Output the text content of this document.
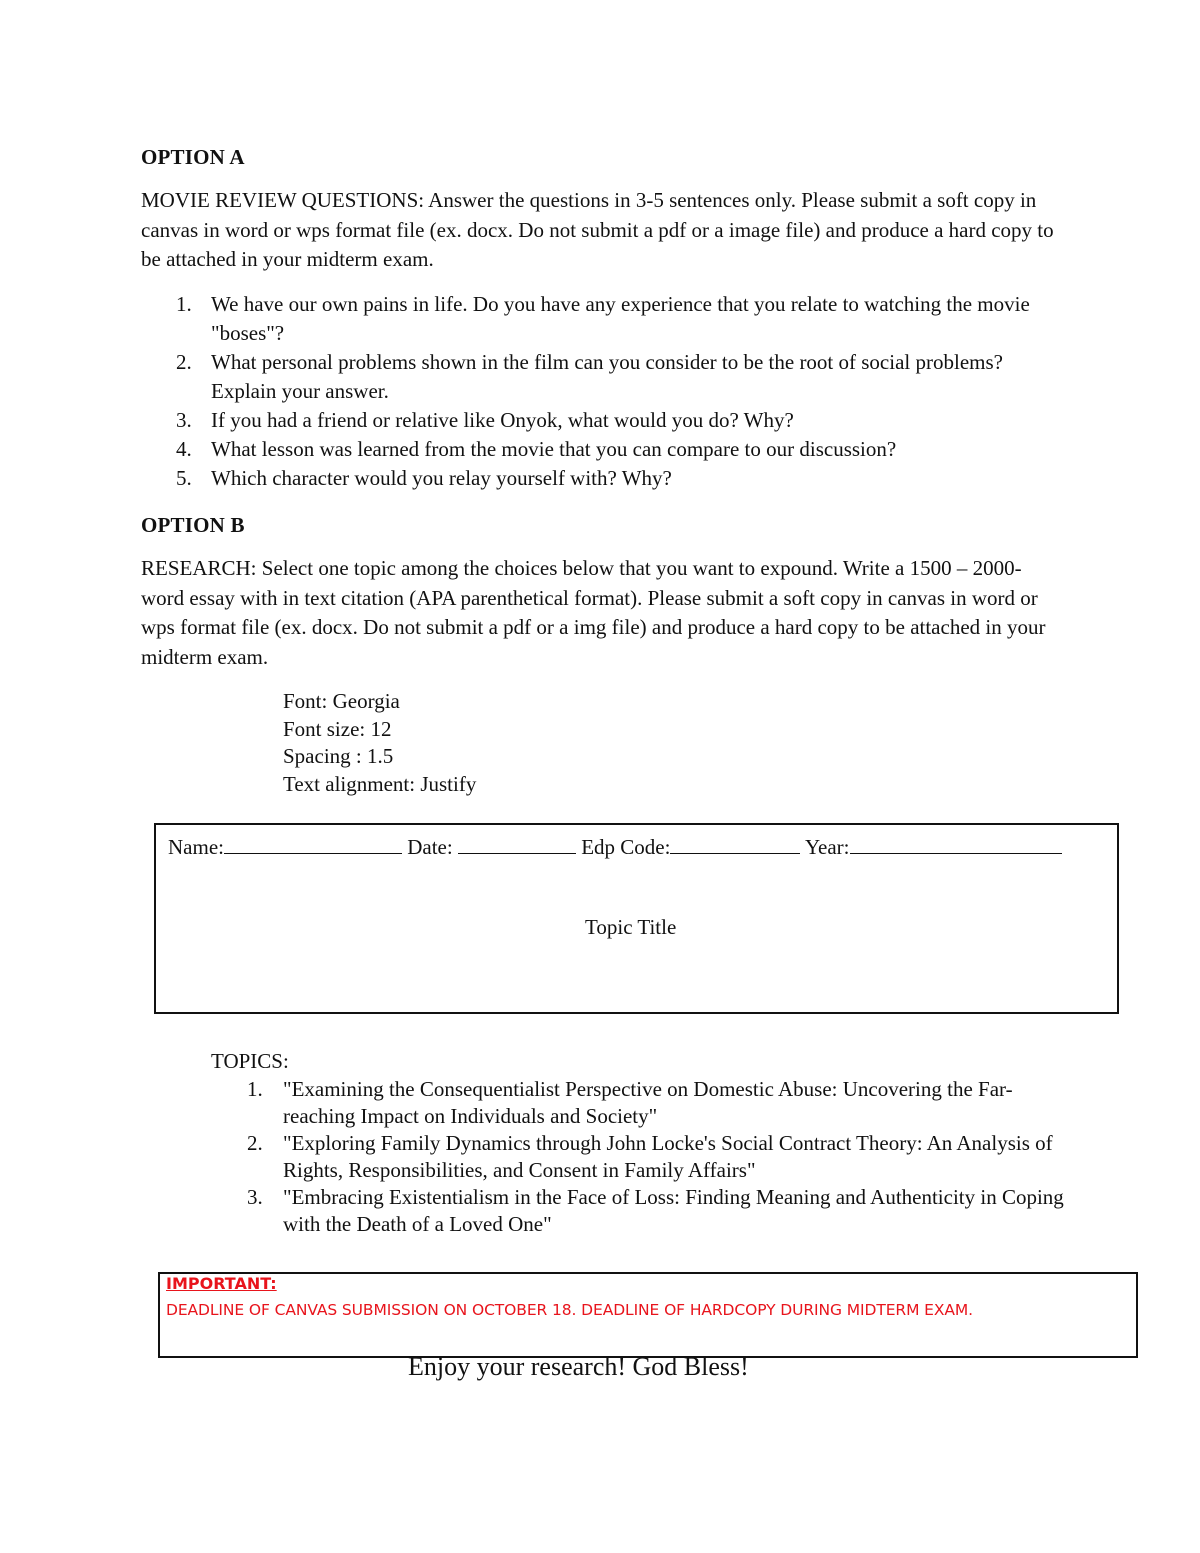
OPTION A
MOVIE REVIEW QUESTIONS: Answer the questions in 3-5 sentences only. Please submit a soft copy in canvas in word or wps format file (ex. docx. Do not submit a pdf or a image file) and produce a hard copy to be attached in your midterm exam.
1. We have our own pains in life. Do you have any experience that you relate to watching the movie "boses"?
2. What personal problems shown in the film can you consider to be the root of social problems? Explain your answer.
3. If you had a friend or relative like Onyok, what would you do? Why?
4. What lesson was learned from the movie that you can compare to our discussion?
5. Which character would you relay yourself with? Why?
OPTION B
RESEARCH: Select one topic among the choices below that you want to expound. Write a 1500 – 2000-word essay with in text citation (APA parenthetical format). Please submit a soft copy in canvas in word or wps format file (ex. docx. Do not submit a pdf or a img file) and produce a hard copy to be attached in your midterm exam.
Font: Georgia
Font size: 12
Spacing : 1.5
Text alignment: Justify
Name:	Date:	Edp Code:	Year:
Topic Title
TOPICS:
1. "Examining the Consequentialist Perspective on Domestic Abuse: Uncovering the Far-reaching Impact on Individuals and Society"
2. "Exploring Family Dynamics through John Locke's Social Contract Theory: An Analysis of Rights, Responsibilities, and Consent in Family Affairs"
3. "Embracing Existentialism in the Face of Loss: Finding Meaning and Authenticity in Coping with the Death of a Loved One"
IMPORTANT:
DEADLINE OF CANVAS SUBMISSION ON OCTOBER 18. DEADLINE OF HARDCOPY DURING MIDTERM EXAM.
Enjoy your research! God Bless!
